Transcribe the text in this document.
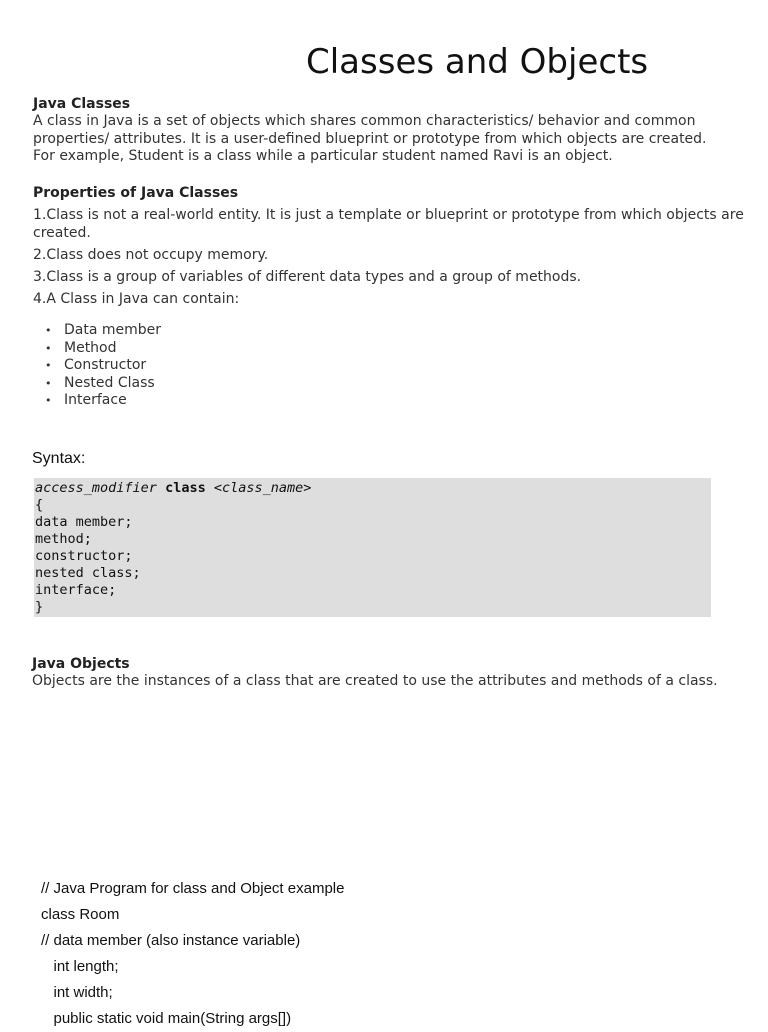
Classes and Objects
Java Classes

A class in Java is a set of objects which shares common characteristics/ behavior and common

properties/ attributes. It is a user-defined blueprint or prototype from which objects are created.

For example, Student is a class while a particular student named Ravi is an object.

Properties of Java Classes
1.Class is not a real-world entity. It is just a template or blueprint or prototype from which objects are created.
2.Class does not occupy memory.
3.Class is a group of variables of different data types and a group of methods.
4.A Class in Java can contain:
• Data member
• Method
• Constructor
• Nested Class
• Interface
Syntax:
access_modifier class <class_name>
{
data member;
method;
constructor;
nested class;
interface;
}
Java Objects
Objects are the instances of a class that are created to use the attributes and methods of a class.
// Java Program for class and Object example
class Room
// data member (also instance variable)
int length;
int width;
public static void main(String args[])
